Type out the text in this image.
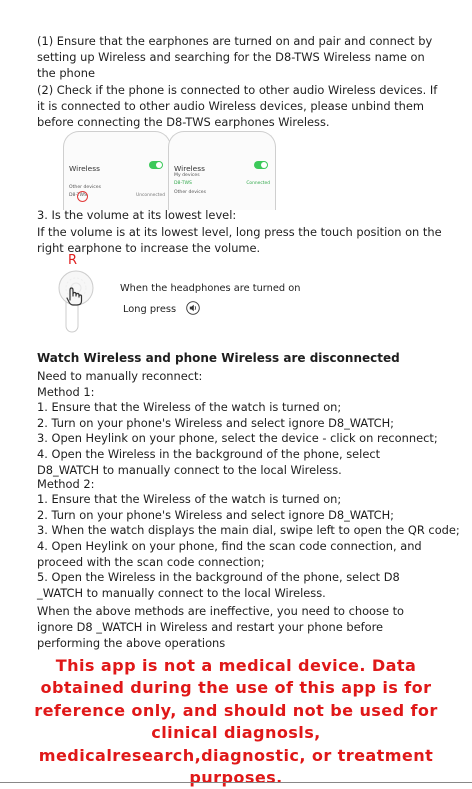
(1) Ensure that the earphones are turned on and pair and connect by setting up Wireless and searching for the D8-TWS Wireless name on the phone

(2) Check if the phone is connected to other audio Wireless devices. If it is connected to other audio Wireless devices, please unbind them before connecting the D8-TWS earphones Wireless.

Wireless
Other devices
D8-TWS	Unconnected
Wireless
My devices
D8-TWS	Connected
Other devices

3. Is the volume at its lowest level:

If the volume is at its lowest level, long press the touch position on the right earphone to increase the volume.

R
When the headphones are turned on
Long press

Watch Wireless and phone Wireless are disconnected

Need to manually reconnect:

Method 1:

1. Ensure that the Wireless of the watch is turned on;

2. Turn on your phone's Wireless and select ignore D8_WATCH;

3. Open Heylink on your phone, select the device - click on reconnect;

4. Open the Wireless in the background of the phone, select D8_WATCH to manually connect to the local Wireless.

Method 2:

1. Ensure that the Wireless of the watch is turned on;

2. Turn on your phone's Wireless and select ignore D8_WATCH;

3. When the watch displays the main dial, swipe left to open the QR code;

4. Open Heylink on your phone, find the scan code connection, and proceed with the scan code connection;

5. Open the Wireless in the background of the phone, select D8 _WATCH to manually connect to the local Wireless.

When the above methods are ineffective, you need to choose to ignore D8 _WATCH in Wireless and restart your phone before performing the above operations

This app is not a medical device. Data obtained during the use of this app is for reference only, and should not be used for clinical diagnosls, medicalresearch,diagnostic, or treatment purposes.
